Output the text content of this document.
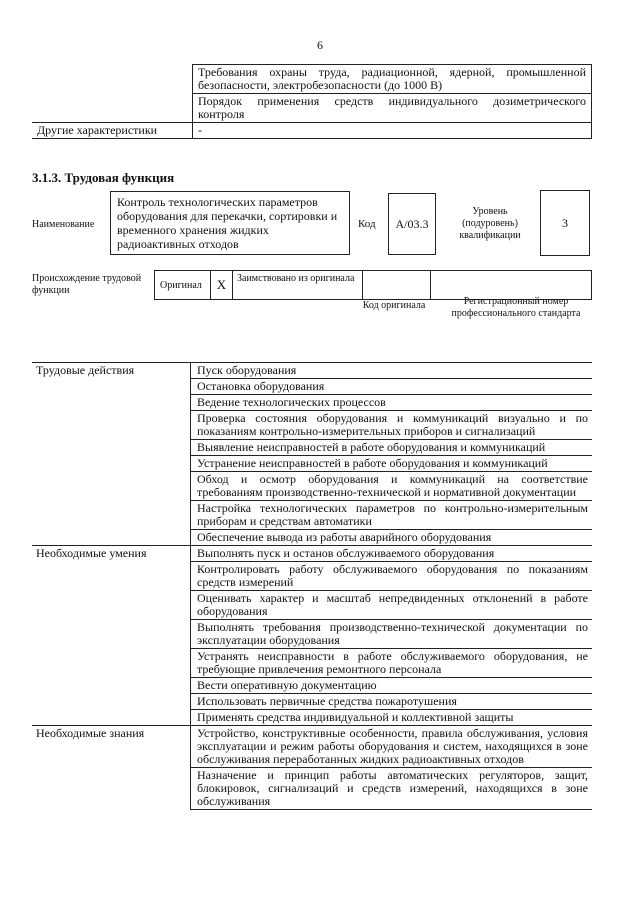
6
	Требования охраны труда, радиационной, ядерной, промышленной безопасности, электробезопасности (до 1000 В)
	Порядок применения средств индивидуального дозиметрического контроля
Другие характеристики	-
3.1.3. Трудовая функция
Наименование
Контроль технологических параметров оборудования для перекачки, сортировки и временного хранения жидких радиоактивных отходов
Код А/03.3
Уровень (подуровень) квалификации
3
Происхождение трудовой функции	Оригинал	X	Заимствовано из оригинала
Код оригинала	Регистрационный номер профессионального стандарта
Трудовые действия	Пуск оборудования
	Остановка оборудования
	Ведение технологических процессов
	Проверка состояния оборудования и коммуникаций визуально и по показаниям контрольно-измерительных приборов и сигнализаций
	Выявление неисправностей в работе оборудования и коммуникаций
	Устранение неисправностей в работе оборудования и коммуникаций
	Обход и осмотр оборудования и коммуникаций на соответствие требованиям производственно-технической и нормативной документации
	Настройка технологических параметров по контрольно-измерительным приборам и средствам автоматики
	Обеспечение вывода из работы аварийного оборудования
Необходимые умения	Выполнять пуск и останов обслуживаемого оборудования
	Контролировать работу обслуживаемого оборудования по показаниям средств измерений
	Оценивать характер и масштаб непредвиденных отклонений в работе оборудования
	Выполнять требования производственно-технической документации по эксплуатации оборудования
	Устранять неисправности в работе обслуживаемого оборудования, не требующие привлечения ремонтного персонала
	Вести оперативную документацию
	Использовать первичные средства пожаротушения
	Применять средства индивидуальной и коллективной защиты
Необходимые знания	Устройство, конструктивные особенности, правила обслуживания, условия эксплуатации и режим работы оборудования и систем, находящихся в зоне обслуживания переработанных жидких радиоактивных отходов
	Назначение и принцип работы автоматических регуляторов, защит, блокировок, сигнализаций и средств измерений, находящихся в зоне обслуживания
